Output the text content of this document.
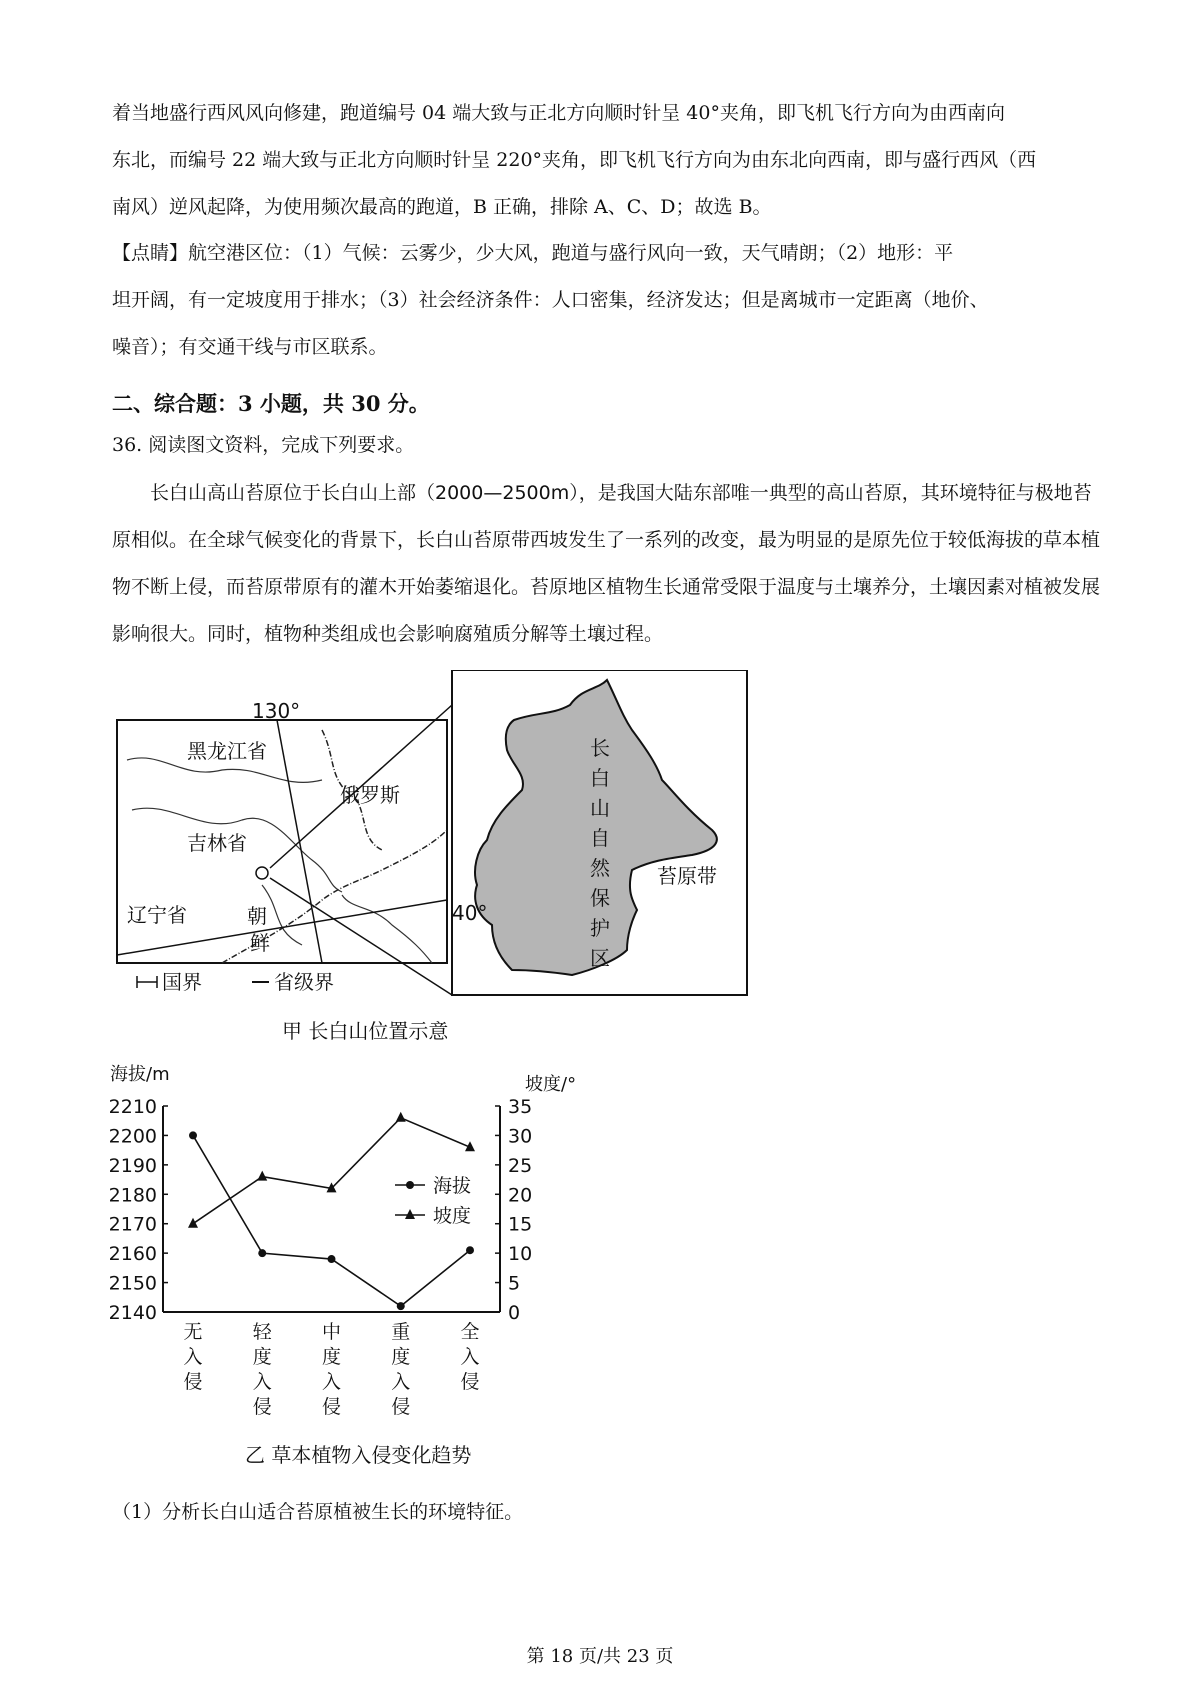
着当地盛行西风风向修建，跑道编号 04 端大致与正北方向顺时针呈 40°夹角，即飞机飞行方向为由西南向
东北，而编号 22 端大致与正北方向顺时针呈 220°夹角，即飞机飞行方向为由东北向西南，即与盛行西风（西
南风）逆风起降，为使用频次最高的跑道，B 正确，排除 A、C、D；故选 B。
【点睛】航空港区位：（1）气候：云雾少，少大风，跑道与盛行风向一致，天气晴朗；（2）地形：平
坦开阔，有一定坡度用于排水；（3）社会经济条件：人口密集，经济发达；但是离城市一定距离（地价、
噪音）；有交通干线与市区联系。
二、综合题：3 小题，共 30 分。
36. 阅读图文资料，完成下列要求。

长白山高山苔原位于长白山上部（2000—2500m），是我国大陆东部唯一典型的高山苔原，其环境特征与极地苔原相似。在全球气候变化的背景下，长白山苔原带西坡发生了一系列的改变，最为明显的是原先位于较低海拔的草本植物不断上侵，而苔原带原有的灌木开始萎缩退化。苔原地区植物生长通常受限于温度与土壤养分，土壤因素对植被发展影响很大。同时，植物种类组成也会影响腐殖质分解等土壤过程。

130°
40°
黑龙江省
俄罗斯
吉林省
辽宁省	朝
鲜
长
白
山
自
然
保
护
区
苔原带
国界	省级界
甲 长白山位置示意
海拔/m	坡度/°
2140
2150
2160
2170
2180
2190
2200
2210
0
5
10
15
20
25
30
35
无
入
侵
轻
度
入
侵
中
度
入
侵
重
度
入
侵
全
入
侵
海拔
坡度
乙 草本植物入侵变化趋势

（1）分析长白山适合苔原植被生长的环境特征。

第 18 页/共 23 页
